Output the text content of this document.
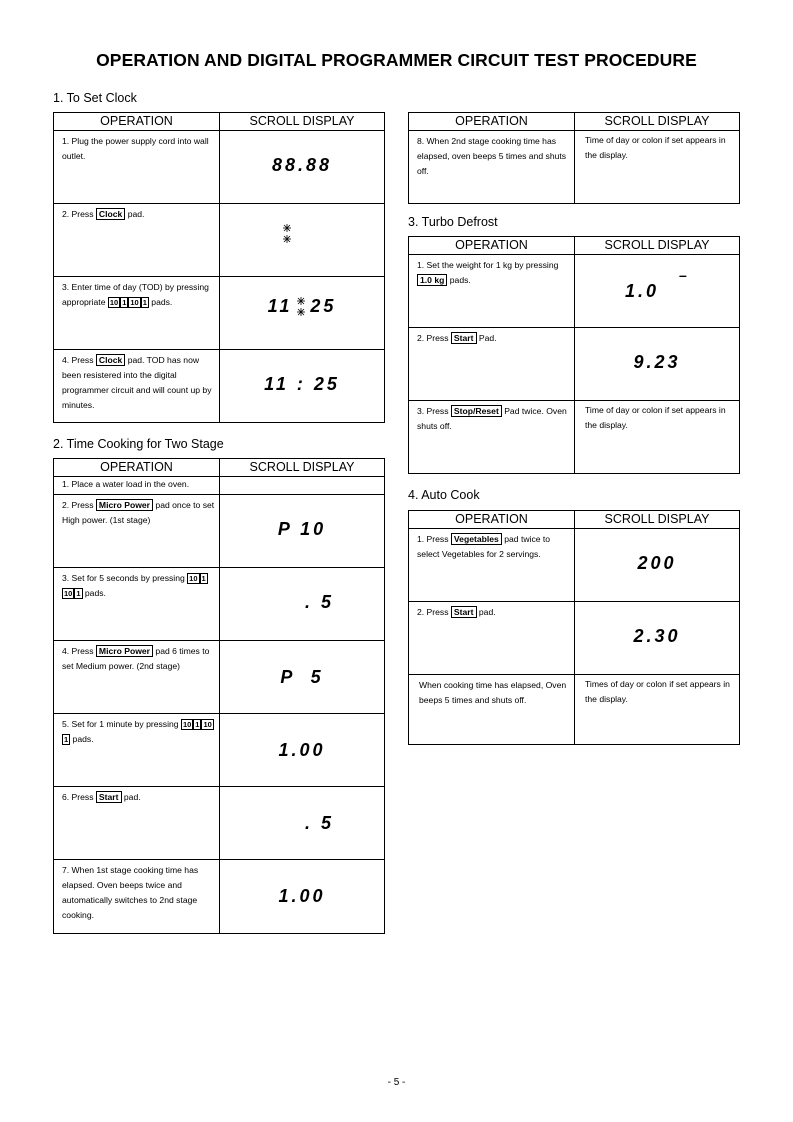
OPERATION AND DIGITAL PROGRAMMER CIRCUIT TEST PROCEDURE
1. To Set Clock
OPERATION	SCROLL DISPLAY
1. Plug the power supply cord into wall outlet.	88.88

2. Press Clock pad.	

3. Enter time of day (TOD) by pressing appropriate 10 1 10 1 pads.	11 25

4. Press Clock pad. TOD has now been resistered into the digital programmer circuit and will count up by minutes.	11 : 25
2. Time Cooking for Two Stage
OPERATION	SCROLL DISPLAY
1. Place a water load in the oven.	
2. Press Micro Power pad once to set High power. (1st stage)	P 10

3. Set for 5 seconds by pressing 10 110 1 pads.	. 5

4. Press Micro Power pad 6 times to set Medium power. (2nd stage)	P  5

5. Set for 1 minute by pressing 10 1 101 pads.	1.00

6. Press Start pad.	. 5

7. When 1st stage cooking time has elapsed. Oven beeps twice and automatically switches to 2nd stage cooking.	1.00
OPERATION	SCROLL DISPLAY
8. When 2nd stage cooking time has elapsed, oven beeps 5 times and shuts off.	Time of day or colon if set appears in the display.
3. Turbo Defrost
OPERATION	SCROLL DISPLAY
1. Set the weight for 1 kg by pressing 1.0 kg pads.	1.0
–

2. Press Start Pad.	9.23

3. Press Stop/Reset Pad twice. Oven shuts off.	Time of day or colon if set appears in the display.
4. Auto Cook
OPERATION	SCROLL DISPLAY
1. Press Vegetables pad twice to select Vegetables for 2 servings.	200

2. Press Start pad.	2.30

When cooking time has elapsed, Oven beeps 5 times and shuts off.	Times of day or colon if set appears in the display.
- 5 -
